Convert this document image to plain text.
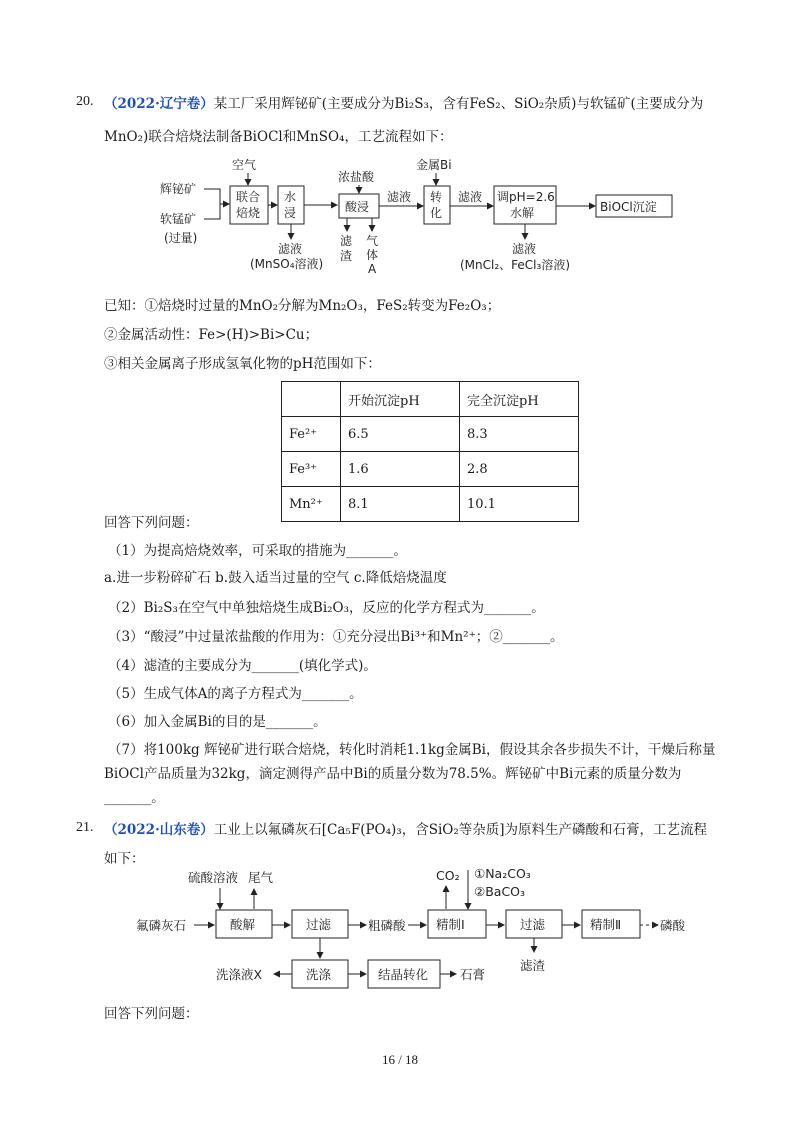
20. （2022·辽宁卷）某工厂采用辉铋矿(主要成分为Bi₂S₃，含有FeS₂、SiO₂杂质)与软锰矿(主要成分为
MnO₂)联合焙烧法制备BiOCl和MnSO₄，工艺流程如下：
辉铋矿
软锰矿
(过量)
空气
联合
焙烧
水
浸
滤液
(MnSO₄溶液)
浓盐酸
酸浸
滤
渣
气
体
A
滤液
金属Bi
转
化
滤液 调pH=2.6
水解
滤液
(MnCl₂、FeCl₃溶液)
BiOCl沉淀
已知：①焙烧时过量的MnO₂分解为Mn₂O₃，FeS₂转变为Fe₂O₃；
②金属活动性：Fe>(H)>Bi>Cu；
③相关金属离子形成氢氧化物的pH范围如下：
	开始沉淀pH	完全沉淀pH
Fe²⁺	6.5	8.3
Fe³⁺	1.6	2.8
Mn²⁺	8.1	10.1
回答下列问题：
（1）为提高焙烧效率，可采取的措施为_______。
a.进一步粉碎矿石 b.鼓入适当过量的空气 c.降低焙烧温度
（2）Bi₂S₃在空气中单独焙烧生成Bi₂O₃，反应的化学方程式为_______。
（3）“酸浸”中过量浓盐酸的作用为：①充分浸出Bi³⁺和Mn²⁺；②_______。
（4）滤渣的主要成分为_______(填化学式)。
（5）生成气体A的离子方程式为_______。
（6）加入金属Bi的目的是_______。
（7）将100kg 辉铋矿进行联合焙烧，转化时消耗1.1kg金属Bi，假设其余各步损失不计，干燥后称量
BiOCl产品质量为32kg，滴定测得产品中Bi的质量分数为78.5%。辉铋矿中Bi元素的质量分数为
_______。
21. （2022·山东卷）工业上以氟磷灰石[Ca₅F(PO₄)₃，含SiO₂等杂质]为原料生产磷酸和石膏，工艺流程
如下：
硫酸溶液 尾气
氟磷灰石	酸解	过滤	粗磷酸
CO₂ ①Na₂CO₃
②BaCO₃
精制Ⅰ	过滤
滤渣
精制Ⅱ	磷酸
洗涤
洗涤液X	结晶转化	石膏
回答下列问题：
16 / 18
